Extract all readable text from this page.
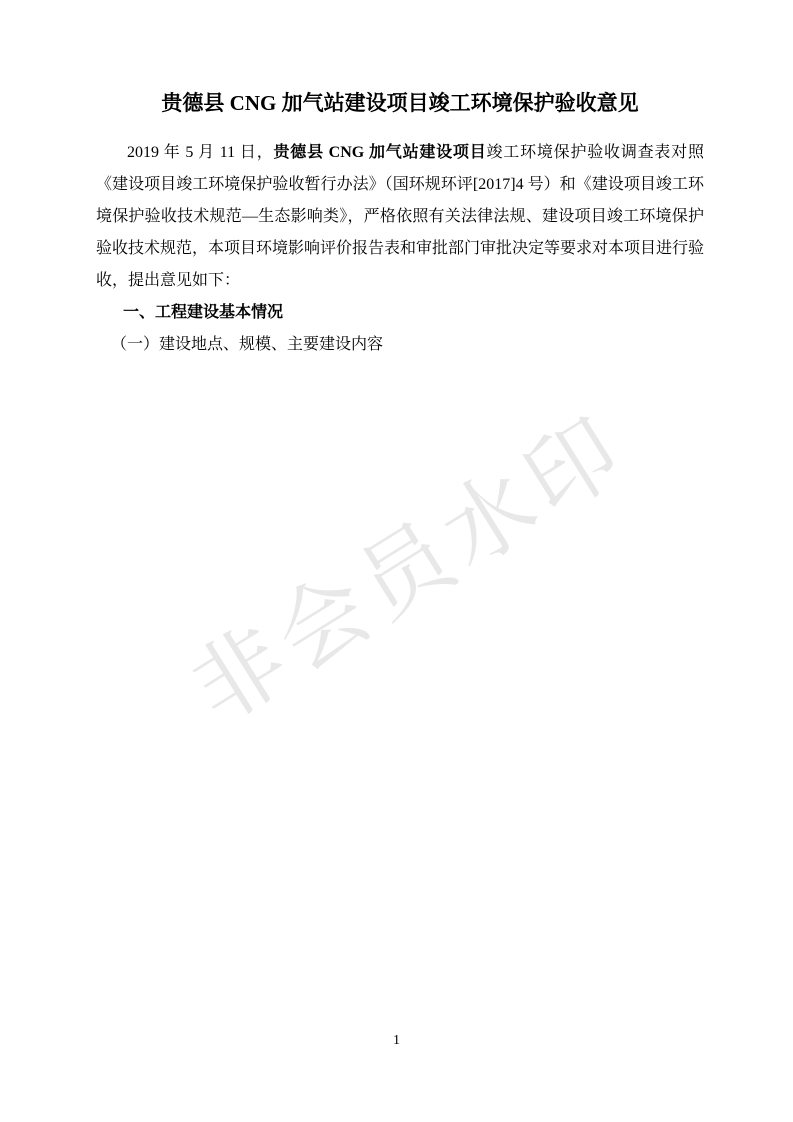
非会员水印
贵德县 CNG 加气站建设项目竣工环境保护验收意见
2019 年 5 月 11 日，贵德县 CNG 加气站建设项目竣工环境保护验收调查表对照
《建设项目竣工环境保护验收暂行办法》（国环规环评[2017]4 号）和《建设项目竣工环
境保护验收技术规范—生态影响类》，严格依照有关法律法规、建设项目竣工环境保护
验收技术规范，本项目环境影响评价报告表和审批部门审批决定等要求对本项目进行验
收，提出意见如下：
一、工程建设基本情况
（一）建设地点、规模、主要建设内容
1
